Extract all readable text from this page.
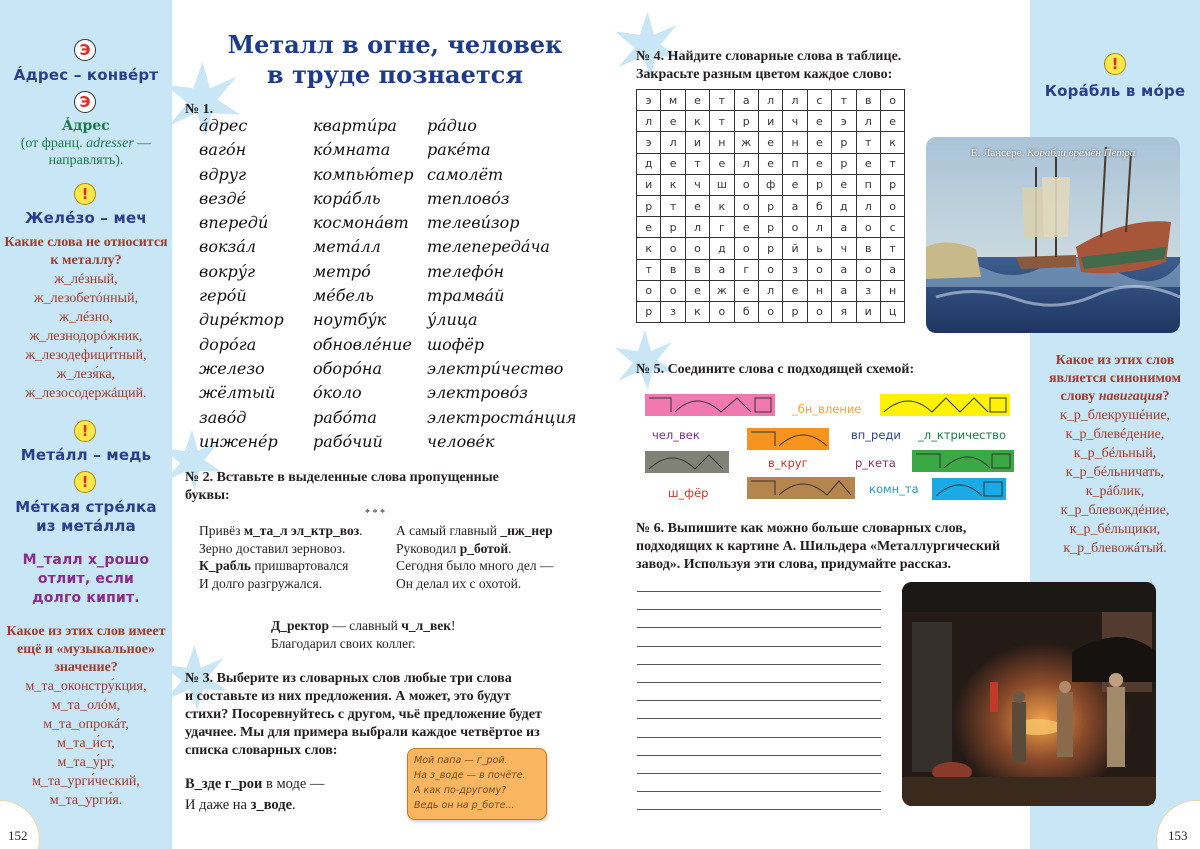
Э
Áдрес – конвéрт
Э
Áдрес
(от франц. adresser —
направлять).
!
Желéзо – меч
Какие слова не относится
к металлу?
ж_лéзный,
ж_лезобетóнный,
ж_лéзно,
ж_лезнодорóжник,
ж_лезодефици́тный,
ж_лезя́ка,
ж_лезосодержáщий.
!
Метáлл – медь
!
Мéткая стрéлка
из метáлла
М_талл х_рошо
отлит, если
долго кипит.
Какое из этих слов имеет
ещё и «музыкальное»
значение?
м_та_оконстру́кция,
м_та_олóм,
м_та_опрокáт,
м_та_и́ст,
м_та_у́рг,
м_та_урги́ческий,
м_та_урги́я.
152
!
Корáбль в мóре
Какое из этих слов
является синонимом
слову навигация?
к_р_блекрушéние,
к_р_блевéдение,
к_р_бéльный,
к_р_бéльничать,
к_рáблик,
к_р_блевождéние,
к_р_бéльщики,
к_р_блевожáтый.
153
Металл в огне, человек
в труде познается
№ 1.
áдрес
вагóн
вдруг
вездé
впередú
вокзáл
вокру́г
герóй
дирéктор
дорóга
железо
жёлтый
завóд
инженéр
квартúра
кóмната
компью́тер
корáбль
космонáвт
метáлл
метрó
мéбель
ноутбу́к
обновлéние
оборóна
óколо
рабóта
рабóчий
рáдио
ракéта
самолёт
тепловóз
телевúзор
телепередáча
телефóн
трамвáй
у́лица
шофёр
электрúчество
электровóз
электростáнция
человéк
№ 2. Вставьте в выделенные слова пропущенные
буквы:
* * *
Привёз м_та_л эл_ктр_воз.
Зерно доставил зерновоз.
К_рабль пришвартовался
И долго разгружался.
А самый главный _нж_нер
Руководил р_ботой.
Сегодня было много дел —
Он делал их с охотой.
Д_ректор — славный ч_л_век!
Благодарил своих коллег.
№ 3. Выберите из словарных слов любые три слова
и составьте из них предложения. А может, это будут
стихи? Посоревнуйтесь с другом, чьё предложение будет
удачнее. Мы для примера выбрали каждое четвёртое из
списка словарных слов:
В_зде г_рои в моде —
И даже на з_воде.
Мой папа — г_рой.
На з_воде — в почёте.
А как по-другому?
Ведь он на р_боте...
№ 4. Найдите словарные слова в таблице.
Закрасьте разным цветом каждое слово:
э	м	е	т	а	л	л	с	т	в	о
л	е	к	т	р	и	ч	е	э	л	е
э	л	и	н	ж	е	н	е	р	т	к
д	е	т	е	л	е	п	е	р	е	т
и	к	ч	ш	о	ф	е	р	е	п	р
р	т	е	к	о	р	а	б	д	л	о
е	р	л	г	е	р	о	л	а	о	с
к	о	о	д	о	р	й	ь	ч	в	т
т	в	в	а	г	о	з	о	а	о	а
о	о	е	ж	е	л	е	н	а	з	н
р	з	к	о	б	о	р	о	я	и	ц
Е. Лансере. Корабли времён Петра
№ 5. Соедините слова с подходящей схемой:
_бн_вление
чел_век	вп_реди _л_ктричество
в_круг	р_кета
ш_фёр	комн_та
№ 6. Выпишите как можно больше словарных слов,
подходящих к картине А. Шильдера «Металлургический
завод». Используя эти слова, придумайте рассказ.
